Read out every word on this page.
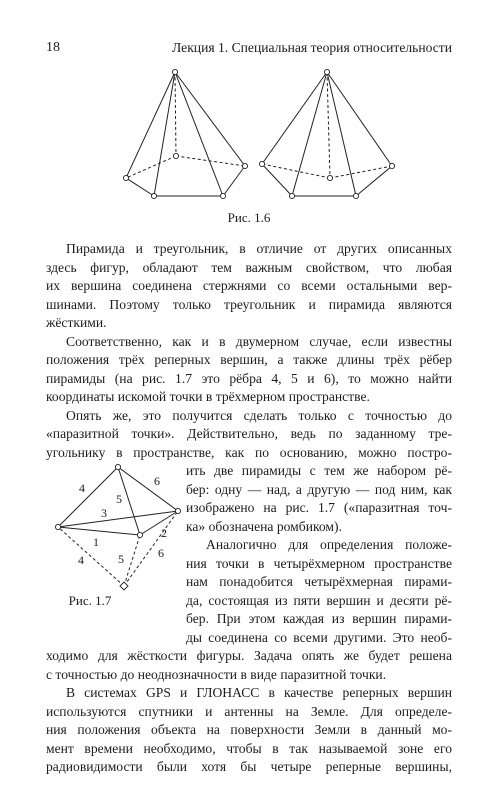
18	Лекция 1. Специальная теория относительности
4
5
6
1
2
3
4	5	6
Рис. 1.6
Рис. 1.7
Пирамида и треугольник, в отличие от других описанных
здесь фигур, обладают тем важным свойством, что любая
их вершина соединена стержнями со всеми остальными вер-
шинами. Поэтому только треугольник и пирамида являются
жёсткими.
Соответственно, как и в двумерном случае, если известны
положения трёх реперных вершин, а также длины трёх рёбер
пирамиды (на рис. 1.7 это рёбра 4, 5 и 6), то можно найти
координаты искомой точки в трёхмерном пространстве.
Опять же, это получится сделать только с точностью до
«паразитной точки». Действительно, ведь по заданному тре-
угольнику в пространстве, как по основанию, можно постро-
ить две пирамиды с тем же набором рё-
бер: одну — над, а другую — под ним, как
изображено на рис. 1.7 («паразитная точ-
ка» обозначена ромбиком).
Аналогично для определения положе-
ния точки в четырёхмерном пространстве
нам понадобится четырёхмерная пирами-
да, состоящая из пяти вершин и десяти рё-
бер. При этом каждая из вершин пирами-
ды соединена со всеми другими. Это необ-
ходимо для жёсткости фигуры. Задача опять же будет решена
с точностью до неоднозначности в виде паразитной точки.
В системах GPS и ГЛОНАСС в качестве реперных вершин
используются спутники и антенны на Земле. Для определе-
ния положения объекта на поверхности Земли в данный мо-
мент времени необходимо, чтобы в так называемой зоне его
радиовидимости были хотя бы четыре реперные вершины,
